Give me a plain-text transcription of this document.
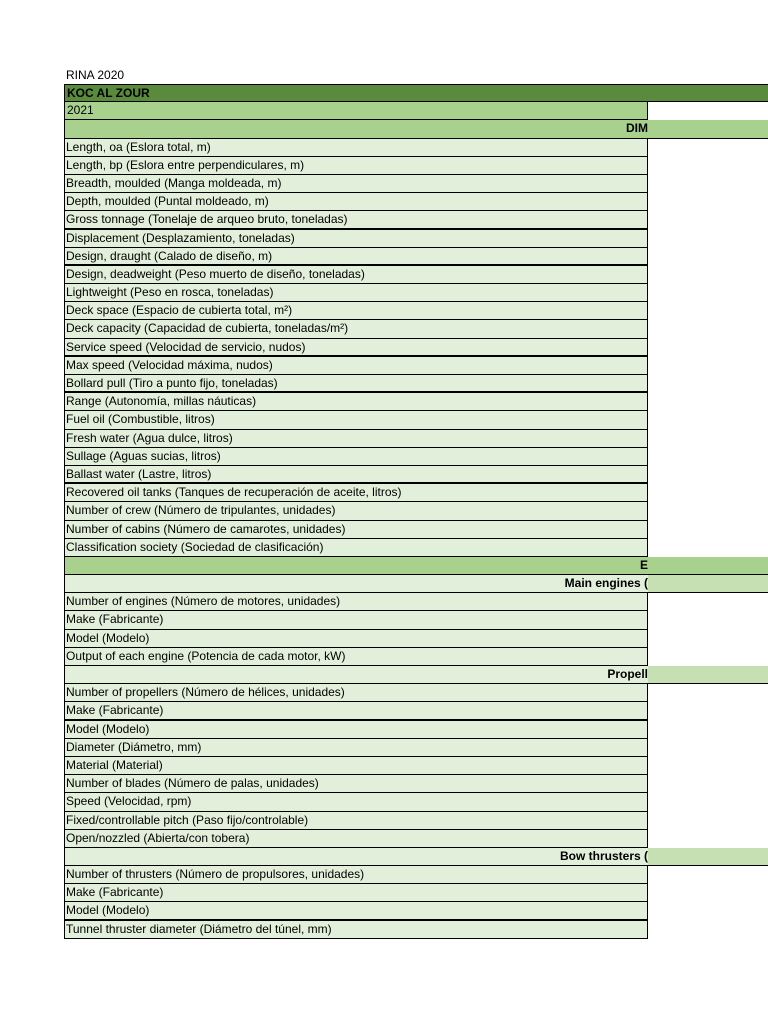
RINA 2020
KOC AL ZOUR
2021
DIM
Length, oa (Eslora total, m)
Length, bp (Eslora entre perpendiculares, m)
Breadth, moulded (Manga moldeada, m)
Depth, moulded (Puntal moldeado, m)
Gross tonnage (Tonelaje de arqueo bruto, toneladas)
Displacement (Desplazamiento, toneladas)
Design, draught (Calado de diseño, m)
Design, deadweight (Peso muerto de diseño, toneladas)
Lightweight (Peso en rosca, toneladas)
Deck space (Espacio de cubierta total, m²)
Deck capacity (Capacidad de cubierta, toneladas/m²)
Service speed (Velocidad de servicio, nudos)
Max speed (Velocidad máxima, nudos)
Bollard pull (Tiro a punto fijo, toneladas)
Range (Autonomía, millas náuticas)
Fuel oil (Combustible, litros)
Fresh water (Agua dulce, litros)
Sullage (Aguas sucias, litros)
Ballast water (Lastre, litros)
Recovered oil tanks (Tanques de recuperación de aceite, litros)
Number of crew (Número de tripulantes, unidades)
Number of cabins (Número de camarotes, unidades)
Classification society (Sociedad de clasificación)
E
Main engines (
Number of engines (Número de motores, unidades)
Make (Fabricante)
Model (Modelo)
Output of each engine (Potencia de cada motor, kW)
Propell
Number of propellers (Número de hélices, unidades)
Make (Fabricante)
Model (Modelo)
Diameter (Diámetro, mm)
Material (Material)
Number of blades (Número de palas, unidades)
Speed (Velocidad, rpm)
Fixed/controllable pitch (Paso fijo/controlable)
Open/nozzled (Abierta/con tobera)
Bow thrusters (
Number of thrusters (Número de propulsores, unidades)
Make (Fabricante)
Model (Modelo)
Tunnel thruster diameter (Diámetro del túnel, mm)
